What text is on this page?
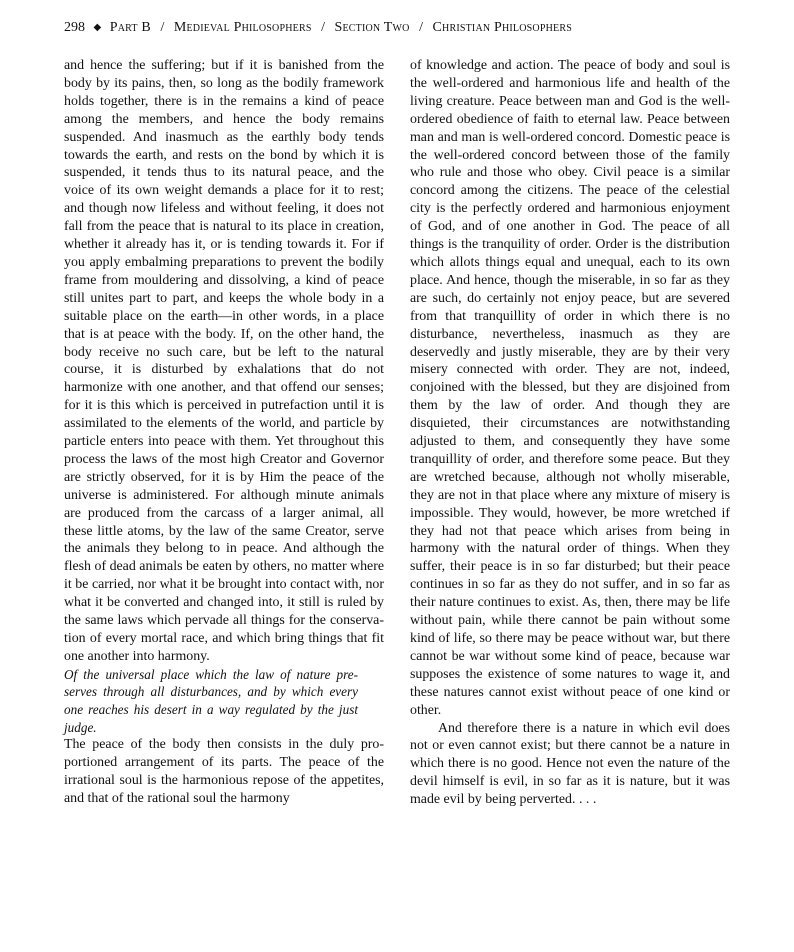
298 ◆ Part B / Medieval Philosophers / Section Two / Christian Philosophers

and hence the suffering; but if it is banished from the body by its pains, then, so long as the bodily framework holds together, there is in the remains a kind of peace among the members, and hence the body remains suspended. And inasmuch as the earthly body tends towards the earth, and rests on the bond by which it is suspended, it tends thus to its natural peace, and the voice of its own weight demands a place for it to rest; and though now lifeless and without feeling, it does not fall from the peace that is natural to its place in creation, whether it already has it, or is tending towards it. For if you apply embalming preparations to prevent the bodily frame from mouldering and dissolving, a kind of peace still unites part to part, and keeps the whole body in a suitable place on the earth—in other words, in a place that is at peace with the body. If, on the other hand, the body receive no such care, but be left to the natural course, it is disturbed by exhalations that do not harmonize with one another, and that offend our senses; for it is this which is perceived in putrefaction until it is assimilated to the elements of the world, and particle by particle enters into peace with them. Yet throughout this process the laws of the most high Creator and Governor are strictly observed, for it is by Him the peace of the universe is administered. For although minute animals are produced from the carcass of a larger animal, all these little atoms, by the law of the same Creator, serve the animals they belong to in peace. And although the flesh of dead animals be eaten by others, no matter where it be carried, nor what it be brought into contact with, nor what it be converted and changed into, it still is ruled by the same laws which pervade all things for the conservation of every mortal race, and which bring things that fit one another into harmony.

Of the universal place which the law of nature preserves through all disturbances, and by which every one reaches his desert in a way regulated by the just judge.

The peace of the body then consists in the duly proportioned arrangement of its parts. The peace of the irrational soul is the harmonious repose of the appetites, and that of the rational soul the harmony

of knowledge and action. The peace of body and soul is the well-ordered and harmonious life and health of the living creature. Peace between man and God is the well-ordered obedience of faith to eternal law. Peace between man and man is well-ordered concord. Domestic peace is the well-ordered concord between those of the family who rule and those who obey. Civil peace is a similar concord among the citizens. The peace of the celestial city is the perfectly ordered and harmonious enjoyment of God, and of one another in God. The peace of all things is the tranquility of order. Order is the distribution which allots things equal and unequal, each to its own place. And hence, though the miserable, in so far as they are such, do certainly not enjoy peace, but are severed from that tranquillity of order in which there is no disturbance, nevertheless, inasmuch as they are deservedly and justly miserable, they are by their very misery connected with order. They are not, indeed, conjoined with the blessed, but they are disjoined from them by the law of order. And though they are disquieted, their circumstances are notwithstanding adjusted to them, and consequently they have some tranquillity of order, and therefore some peace. But they are wretched because, although not wholly miserable, they are not in that place where any mixture of misery is impossible. They would, however, be more wretched if they had not that peace which arises from being in harmony with the natural order of things. When they suffer, their peace is in so far disturbed; but their peace continues in so far as they do not suffer, and in so far as their nature continues to exist. As, then, there may be life without pain, while there cannot be pain without some kind of life, so there may be peace without war, but there cannot be war without some kind of peace, because war supposes the existence of some natures to wage it, and these natures cannot exist without peace of one kind or other.

And therefore there is a nature in which evil does not or even cannot exist; but there cannot be a nature in which there is no good. Hence not even the nature of the devil himself is evil, in so far as it is nature, but it was made evil by being perverted. . . .
